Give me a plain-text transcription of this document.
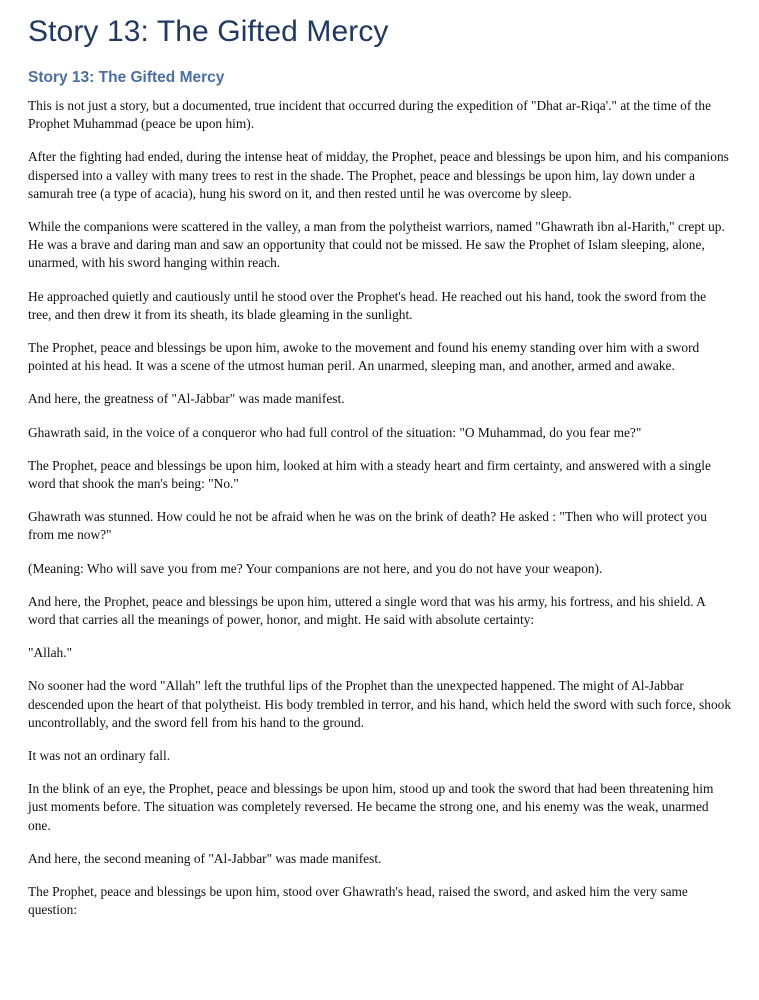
Story 13: The Gifted Mercy
Story 13: The Gifted Mercy

This is not just a story, but a documented, true incident that occurred during the expedition of "Dhat ar-Riqa'." at the time of the Prophet Muhammad (peace be upon him).

After the fighting had ended, during the intense heat of midday, the Prophet, peace and blessings be upon him, and his companions dispersed into a valley with many trees to rest in the shade. The Prophet, peace and blessings be upon him, lay down under a samurah tree (a type of acacia), hung his sword on it, and then rested until he was overcome by sleep.

While the companions were scattered in the valley, a man from the polytheist warriors, named "Ghawrath ibn al-Harith," crept up. He was a brave and daring man and saw an opportunity that could not be missed. He saw the Prophet of Islam sleeping, alone, unarmed, with his sword hanging within reach.

He approached quietly and cautiously until he stood over the Prophet's head. He reached out his hand, took the sword from the tree, and then drew it from its sheath, its blade gleaming in the sunlight.

The Prophet, peace and blessings be upon him, awoke to the movement and found his enemy standing over him with a sword pointed at his head. It was a scene of the utmost human peril. An unarmed, sleeping man, and another, armed and awake.

And here, the greatness of "Al-Jabbar" was made manifest.

Ghawrath said, in the voice of a conqueror who had full control of the situation: "O Muhammad, do you fear me?"

The Prophet, peace and blessings be upon him, looked at him with a steady heart and firm certainty, and answered with a single word that shook the man's being: "No."

Ghawrath was stunned. How could he not be afraid when he was on the brink of death? He asked : "Then who will protect you from me now?"

(Meaning: Who will save you from me? Your companions are not here, and you do not have your weapon).

And here, the Prophet, peace and blessings be upon him, uttered a single word that was his army, his fortress, and his shield. A word that carries all the meanings of power, honor, and might. He said with absolute certainty:

"Allah."

No sooner had the word "Allah" left the truthful lips of the Prophet than the unexpected happened. The might of Al-Jabbar descended upon the heart of that polytheist. His body trembled in terror, and his hand, which held the sword with such force, shook uncontrollably, and the sword fell from his hand to the ground.

It was not an ordinary fall.

In the blink of an eye, the Prophet, peace and blessings be upon him, stood up and took the sword that had been threatening him just moments before. The situation was completely reversed. He became the strong one, and his enemy was the weak, unarmed one.

And here, the second meaning of "Al-Jabbar" was made manifest.

The Prophet, peace and blessings be upon him, stood over Ghawrath's head, raised the sword, and asked him the very same question:
